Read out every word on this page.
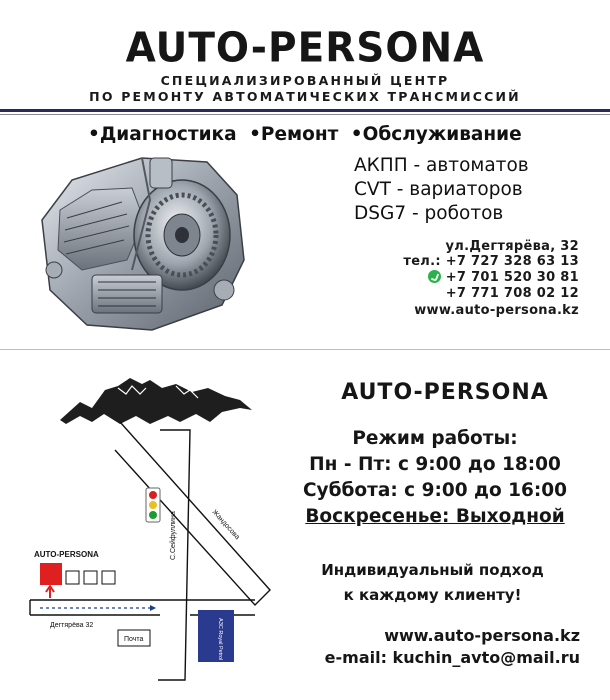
AUTO-PERSONA
СПЕЦИАЛИЗИРОВАННЫЙ ЦЕНТР
ПО РЕМОНТУ АВТОМАТИЧЕСКИХ ТРАНСМИССИЙ
•Диагностика •Ремонт •Обслуживание
АКПП - автоматов
CVT - вариаторов
DSG7 - роботов
ул.Дегтярёва, 32
тел.: +7 727 328 63 13
+7 701 520 30 81
+7 771 708 02 12
www.auto-persona.kz
AUTO-PERSONA
Дегтярёва 32
Почта
С.Сейфуллина	Жандосова
АЗС Royal Petrol
AUTO-PERSONA
Режим работы:
Пн - Пт: с 9:00 до 18:00
Суббота: с 9:00 до 16:00
Воскресенье: Выходной
Индивидуальный подход
к каждому клиенту!
www.auto-persona.kz
e-mail: kuchin_avto@mail.ru
